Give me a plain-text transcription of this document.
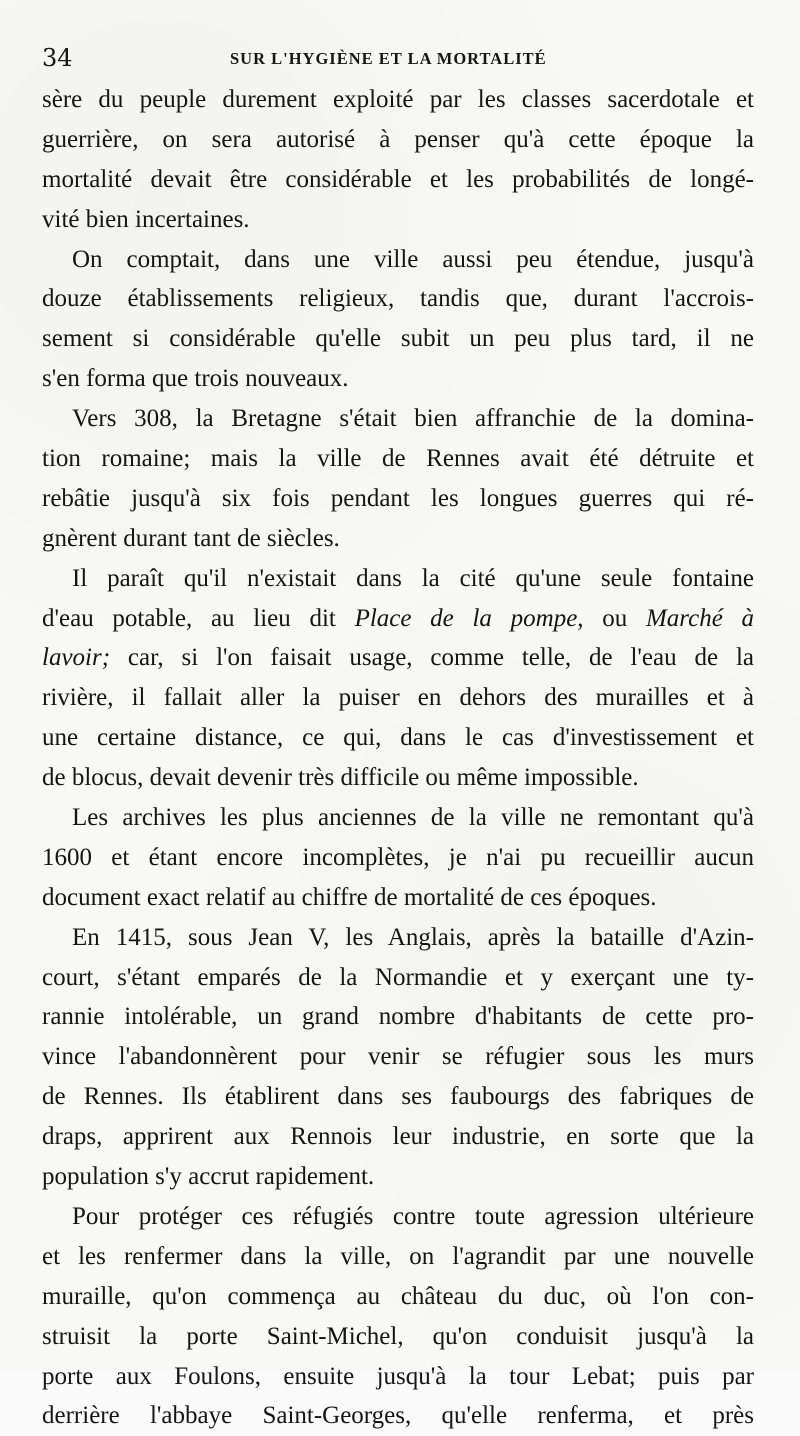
34	SUR L'HYGIÈNE ET LA MORTALITÉ
sère du peuple durement exploité par les classes sacerdotale et
guerrière, on sera autorisé à penser qu'à cette époque la
mortalité devait être considérable et les probabilités de longé-
vité bien incertaines.
On comptait, dans une ville aussi peu étendue, jusqu'à
douze établissements religieux, tandis que, durant l'accrois-
sement si considérable qu'elle subit un peu plus tard, il ne
s'en forma que trois nouveaux.
Vers 308, la Bretagne s'était bien affranchie de la domina-
tion romaine; mais la ville de Rennes avait été détruite et
rebâtie jusqu'à six fois pendant les longues guerres qui ré-
gnèrent durant tant de siècles.
Il paraît qu'il n'existait dans la cité qu'une seule fontaine
d'eau potable, au lieu dit Place de la pompe, ou Marché à
lavoir; car, si l'on faisait usage, comme telle, de l'eau de la
rivière, il fallait aller la puiser en dehors des murailles et à
une certaine distance, ce qui, dans le cas d'investissement et
de blocus, devait devenir très difficile ou même impossible.
Les archives les plus anciennes de la ville ne remontant qu'à
1600 et étant encore incomplètes, je n'ai pu recueillir aucun
document exact relatif au chiffre de mortalité de ces époques.
En 1415, sous Jean V, les Anglais, après la bataille d'Azin-
court, s'étant emparés de la Normandie et y exerçant une ty-
rannie intolérable, un grand nombre d'habitants de cette pro-
vince l'abandonnèrent pour venir se réfugier sous les murs
de Rennes. Ils établirent dans ses faubourgs des fabriques de
draps, apprirent aux Rennois leur industrie, en sorte que la
population s'y accrut rapidement.
Pour protéger ces réfugiés contre toute agression ultérieure
et les renfermer dans la ville, on l'agrandit par une nouvelle
muraille, qu'on commença au château du duc, où l'on con-
struisit la porte Saint-Michel, qu'on conduisit jusqu'à la
porte aux Foulons, ensuite jusqu'à la tour Lebat; puis par
derrière l'abbaye Saint-Georges, qu'elle renferma, et près
